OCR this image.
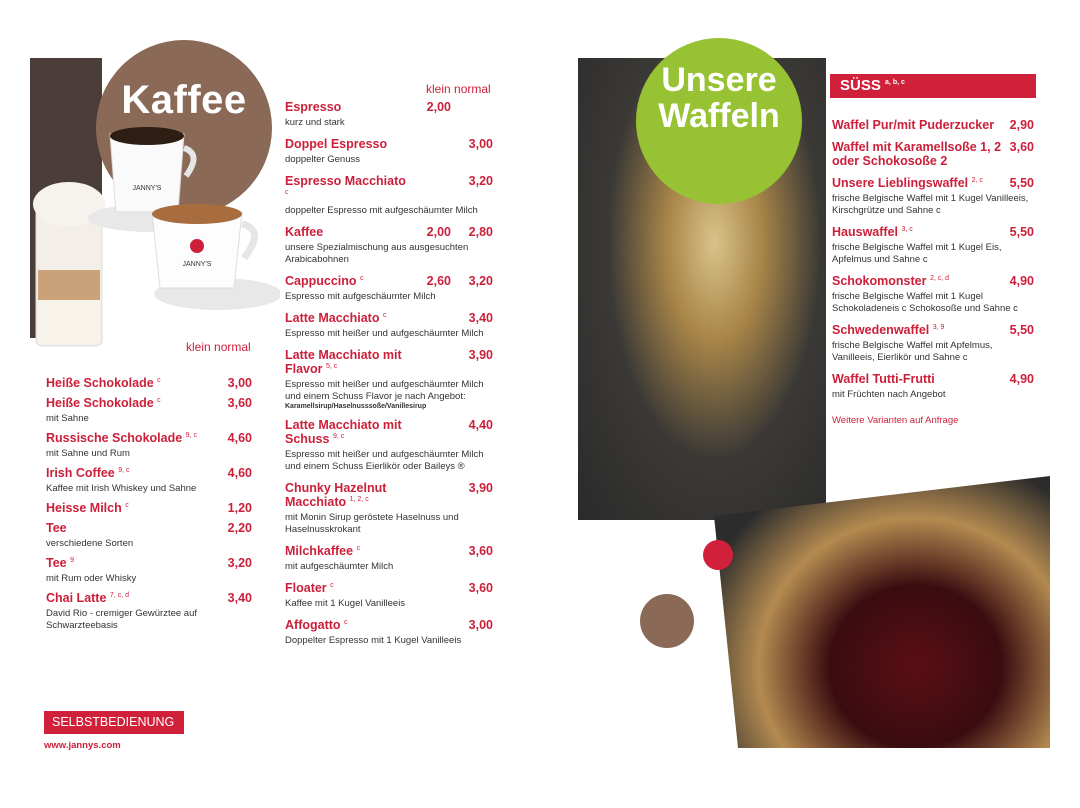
Kaffee
JANNY'S
JANNY'S
klein normal
Heiße Schokolade $^c$	3,00
Heiße Schokolade $^c$	3,60
mit Sahne
Russische Schokolade $^{9, c}$ 4,60
mit Sahne und Rum
Irish Coffee $^{9, c}$	4,60
Kaffee mit Irish Whiskey und Sahne
Heisse Milch $^c$	1,20
Tee	2,20
verschiedene Sorten
Tee $^9$	3,20
mit Rum oder Whisky
Chai Latte $^{7, c, d}$	3,40
David Rio - cremiger Gewürztee auf Schwarzteebasis
SELBSTBEDIENUNG
www.jannys.com
klein normal
Espresso	2,00
kurz und stark
Doppel Espresso	3,00
doppelter Genuss
Espresso Macchiato $^c$
3,20
doppelter Espresso mit aufgeschäumter Milch
Kaffee	2,00	2,80
unsere Spezialmischung aus ausgesuchten Arabicabohnen
Cappuccino $^c$	2,60	3,20
Espresso mit aufgeschäumter Milch
Latte Macchiato $^c$	3,40
Espresso mit heißer und aufgeschäumter Milch
Latte Macchiato mit Flavor $^{5, c}$
3,90
Espresso mit heißer und aufgeschäumter Milch und einem Schuss Flavor je nach Angebot:
Karamellsirup/Haselnusssoße/Vanillesirup
Latte Macchiato mit Schuss $^{9, c}$
4,40
Espresso mit heißer und aufgeschäumter Milch und einem Schuss Eierlikör oder Baileys ®
Chunky Hazelnut Macchiato $^{1, 2, c}$
3,90
mit Monin Sirup geröstete Haselnuss und Haselnusskrokant
Milchkaffee $^c$	3,60
mit aufgeschäumter Milch
Floater $^c$	3,60
Kaffee mit 1 Kugel Vanilleeis
Affogatto $^c$	3,00
Doppelter Espresso mit 1 Kugel Vanilleeis
Unsere
Waffeln
SÜSS $^{a, b, c}$
Waffel Pur/mit Puderzucker 2,90
Waffel mit Karamellsoße 1, 2 oder Schokosoße 2
3,60
Unsere Lieblingswaffel $^{2, c}$ 5,50
frische Belgische Waffel mit 1 Kugel Vanilleeis, Kirschgrütze und Sahne c
Hauswaffel $^{3, c}$	5,50
frische Belgische Waffel mit 1 Kugel Eis, Apfelmus und Sahne c
Schokomonster $^{2, c, d}$	4,90
frische Belgische Waffel mit 1 Kugel Schokoladeneis c Schokosoße und Sahne c
Schwedenwaffel $^{3, 9}$	5,50
frische Belgische Waffel mit Apfelmus, Vanilleeis, Eierlikör und Sahne c
Waffel Tutti-Frutti	4,90
mit Früchten nach Angebot
Weitere Varianten auf Anfrage
